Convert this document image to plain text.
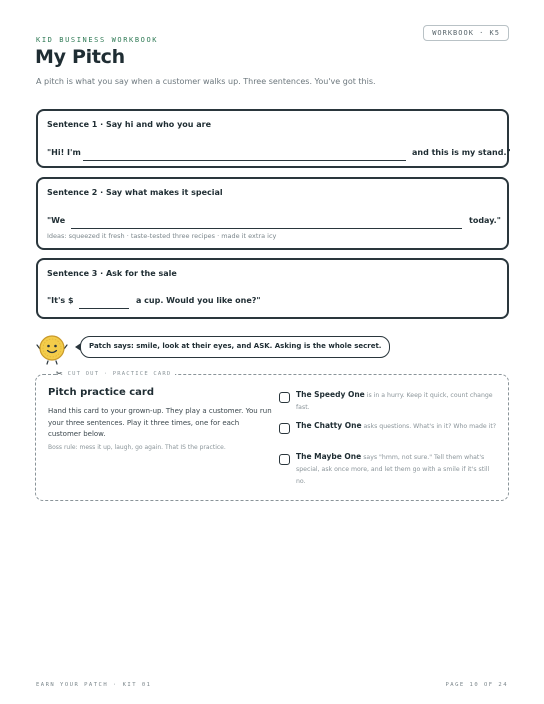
KID BUSINESS WORKBOOK
WORKBOOK · K5
My Pitch
A pitch is what you say when a customer walks up. Three sentences. You've got this.
Sentence 1 · Say hi and who you are
"Hi! I'm	and this is my stand."
Sentence 2 · Say what makes it special
"We	today."
Ideas: squeezed it fresh · taste-tested three recipes · made it extra icy
Sentence 3 · Ask for the sale
"It's $	a cup. Would you like one?"
Patch says: smile, look at their eyes, and ASK. Asking is the whole secret.
Pitch practice card
Hand this card to your grown-up. They play a customer. You run your three sentences. Play it three times, one for each customer below.
Boss rule: mess it up, laugh, go again. That IS the practice.
The Speedy One is in a hurry. Keep it quick, count change fast.
The Chatty One asks questions. What's in it? Who made it?
The Maybe One says "hmm, not sure." Tell them what's special, ask once more, and let them go with a smile if it's still no.
✂ CUT OUT · PRACTICE CARD
EARN YOUR PATCH · KIT 01	PAGE 10 OF 24
